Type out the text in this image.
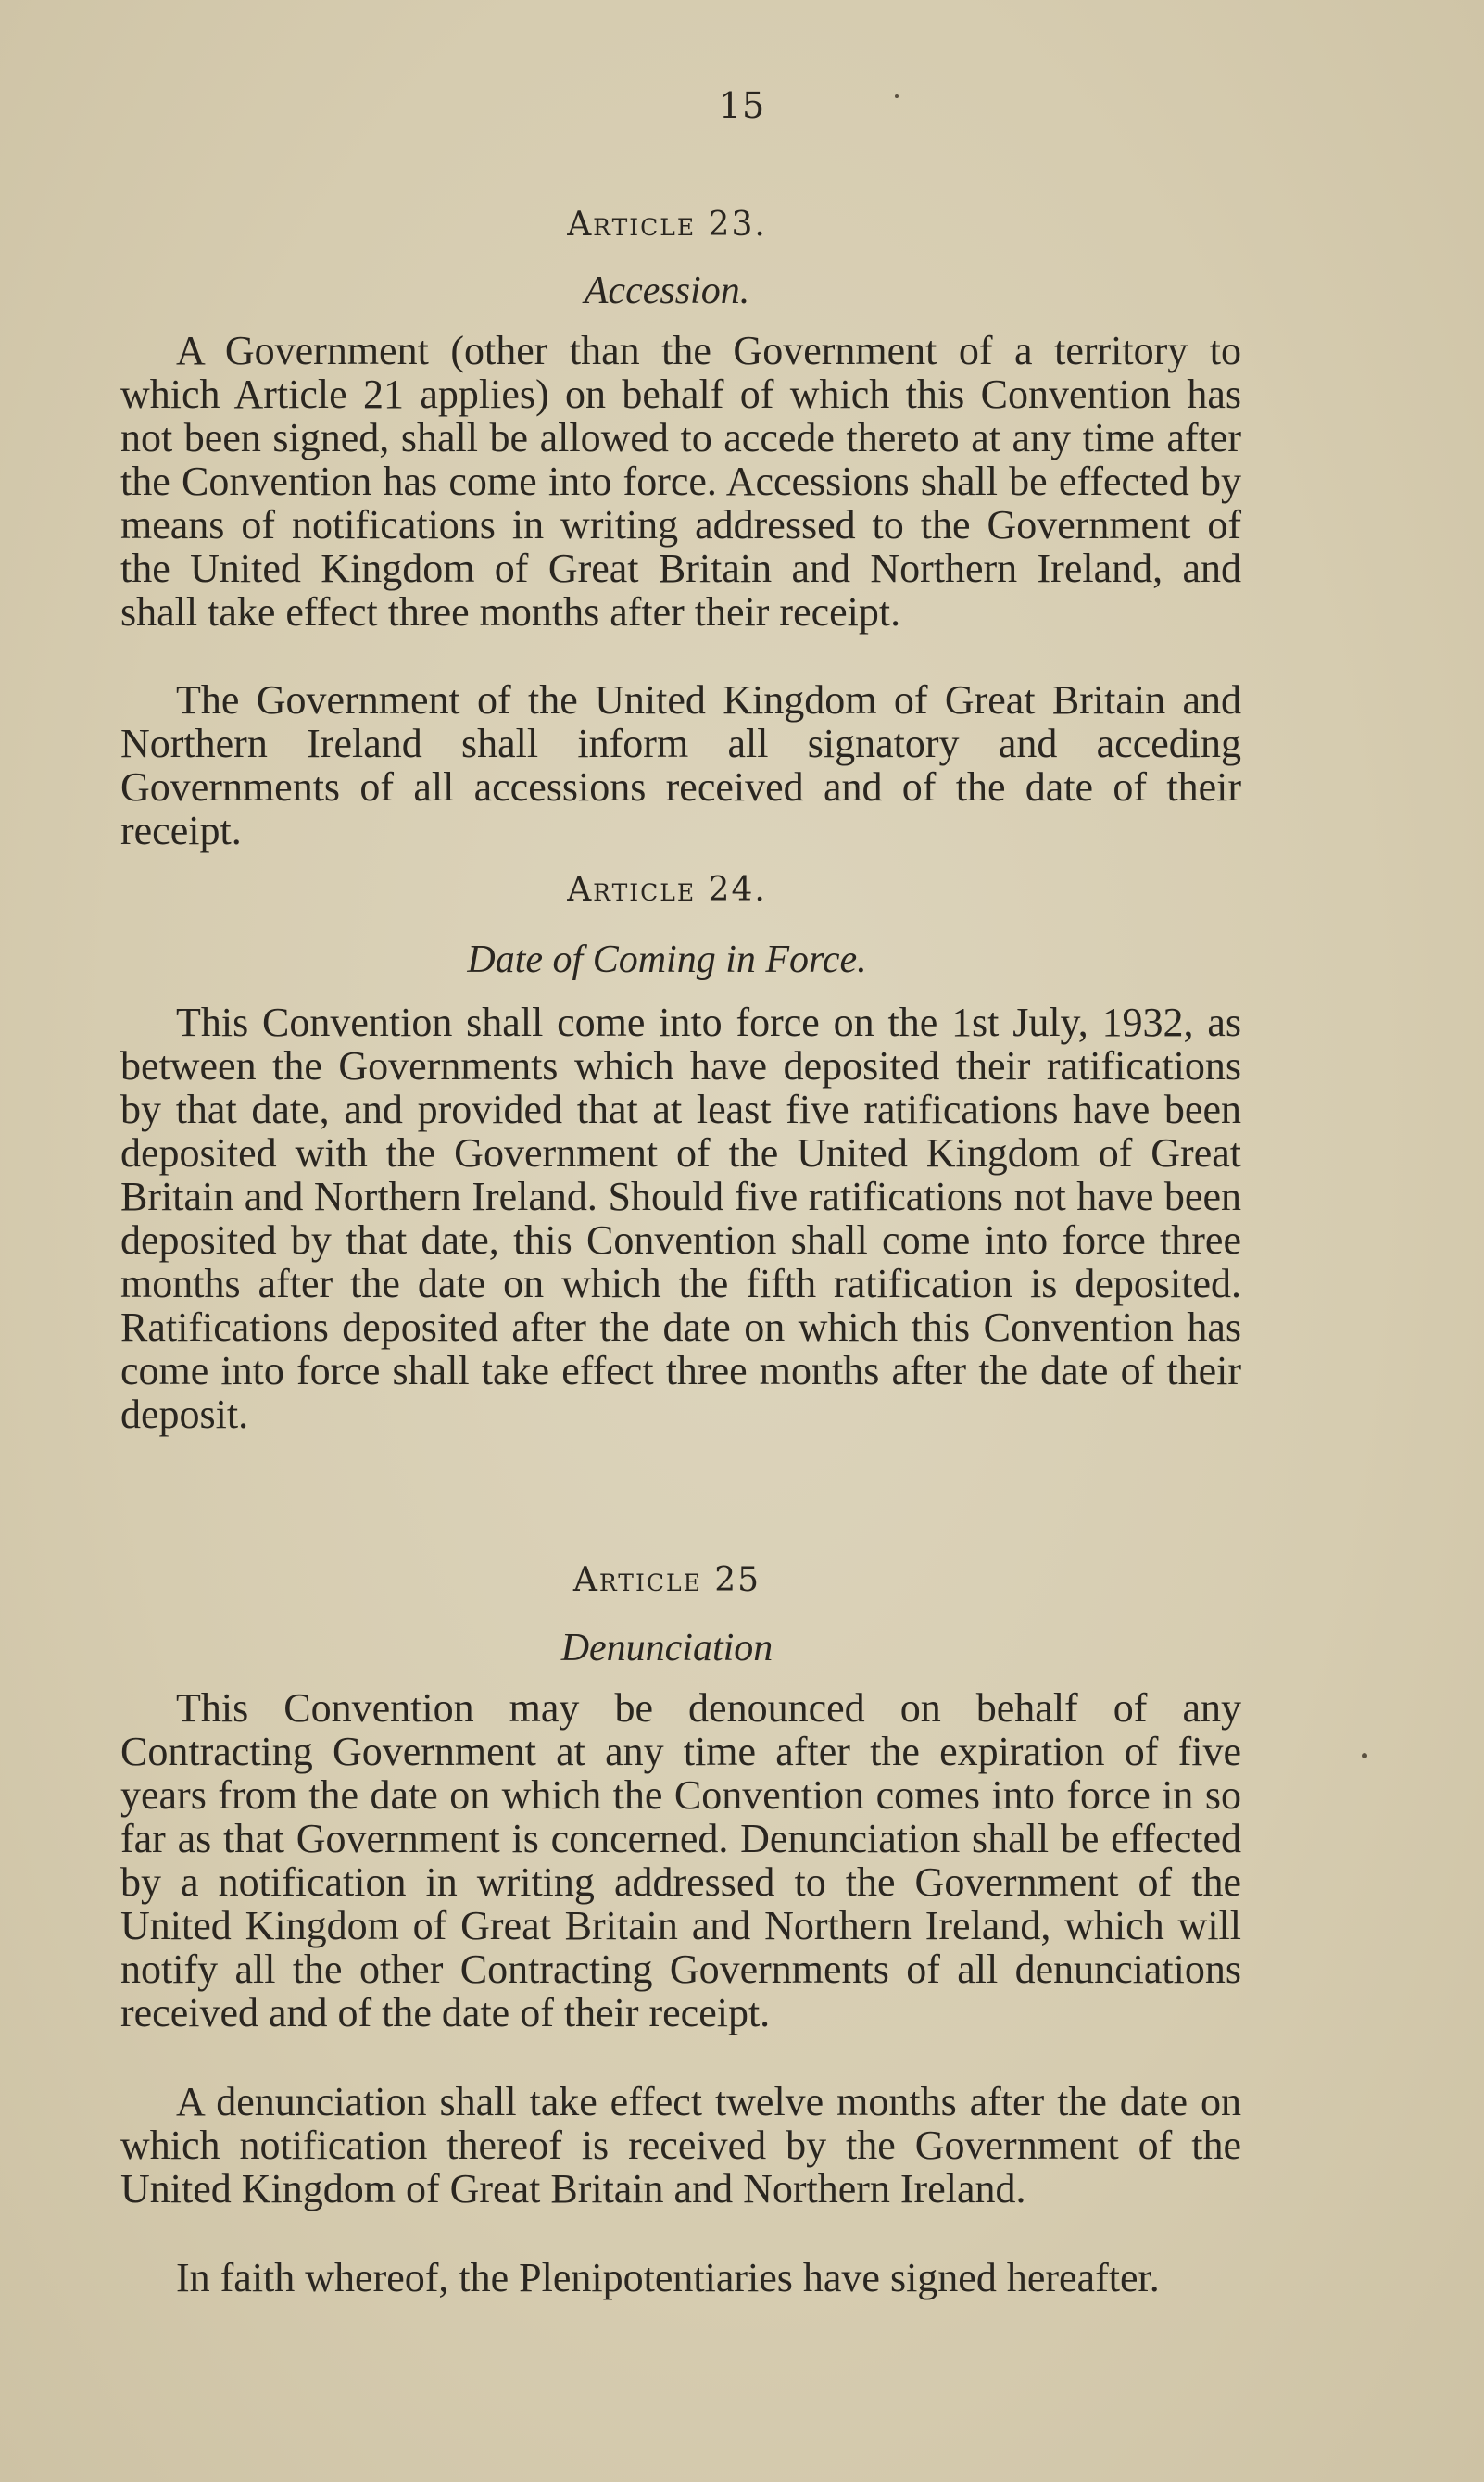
15
Article 23.
Accession.

A Government (other than the Government of a territory to which Article 21 applies) on behalf of which this Convention has not been signed, shall be allowed to accede thereto at any time after the Convention has come into force. Accessions shall be effected by means of notifications in writing addressed to the Government of the United Kingdom of Great Britain and Northern Ireland, and shall take effect three months after their receipt.

The Government of the United Kingdom of Great Britain and Northern Ireland shall inform all signatory and acceding Governments of all accessions received and of the date of their receipt.

Article 24.
Date of Coming in Force.

This Convention shall come into force on the 1st July, 1932, as between the Governments which have deposited their ratifications by that date, and provided that at least five ratifications have been deposited with the Government of the United Kingdom of Great Britain and Northern Ireland. Should five ratifications not have been deposited by that date, this Convention shall come into force three months after the date on which the fifth ratification is deposited. Ratifications deposited after the date on which this Convention has come into force shall take effect three months after the date of their deposit.

Article 25
Denunciation

This Convention may be denounced on behalf of any Contracting Government at any time after the expiration of five years from the date on which the Convention comes into force in so far as that Government is concerned. Denunciation shall be effected by a notification in writing addressed to the Government of the United Kingdom of Great Britain and Northern Ireland, which will notify all the other Contracting Governments of all denunciations received and of the date of their receipt.

A denunciation shall take effect twelve months after the date on which notification thereof is received by the Government of the United Kingdom of Great Britain and Northern Ireland.

In faith whereof, the Plenipotentiaries have signed hereafter.
